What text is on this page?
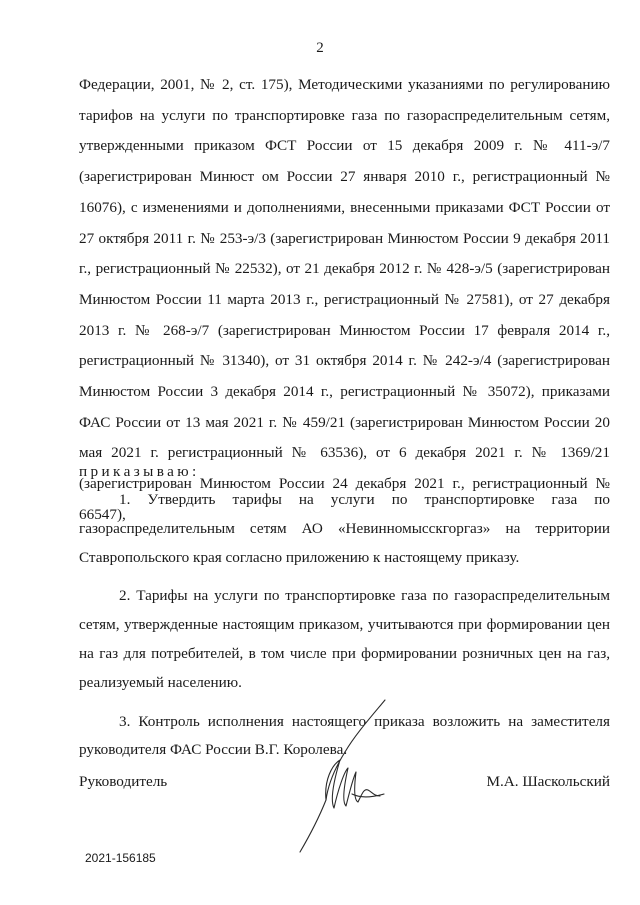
2

Федерации, 2001, № 2, ст. 175), Методическими указаниями по регулированию тарифов на услуги по транспортировке газа по газораспределительным сетям, утвержденными приказом ФСТ России от 15 декабря 2009 г. № 411-э/7 (зарегистрирован Минюст ом России 27 января 2010 г., регистрационный № 16076), с изменениями и дополнениями, внесенными приказами ФСТ России от 27 октября 2011 г. № 253-э/3 (зарегистрирован Минюстом России 9 декабря 2011 г., регистрационный № 22532), от 21 декабря 2012 г. № 428-э/5 (зарегистрирован Минюстом России 11 марта 2013 г., регистрационный № 27581), от 27 декабря 2013 г. № 268-э/7 (зарегистрирован Минюстом России 17 февраля 2014 г., регистрационный № 31340), от 31 октября 2014 г. № 242-э/4 (зарегистрирован Минюстом России 3 декабря 2014 г., регистрационный № 35072), приказами ФАС России от 13 мая 2021 г. № 459/21 (зарегистрирован Минюстом России 20 мая 2021 г. регистрационный № 63536), от 6 декабря 2021 г. № 1369/21 (зарегистрирован Минюстом России 24 декабря 2021 г., регистрационный № 66547),

приказываю:

1. Утвердить тарифы на услуги по транспортировке газа по газораспределительным сетям АО «Невинномысскгоргаз» на территории Ставропольского края согласно приложению к настоящему приказу.

2. Тарифы на услуги по транспортировке газа по газораспределительным сетям, утвержденные настоящим приказом, учитываются при формировании цен на газ для потребителей, в том числе при формировании розничных цен на газ, реализуемый населению.

3. Контроль исполнения настоящего приказа возложить на заместителя руководителя ФАС России В.Г. Королева.

Руководитель	М.А. Шаскольский
2021-156185
